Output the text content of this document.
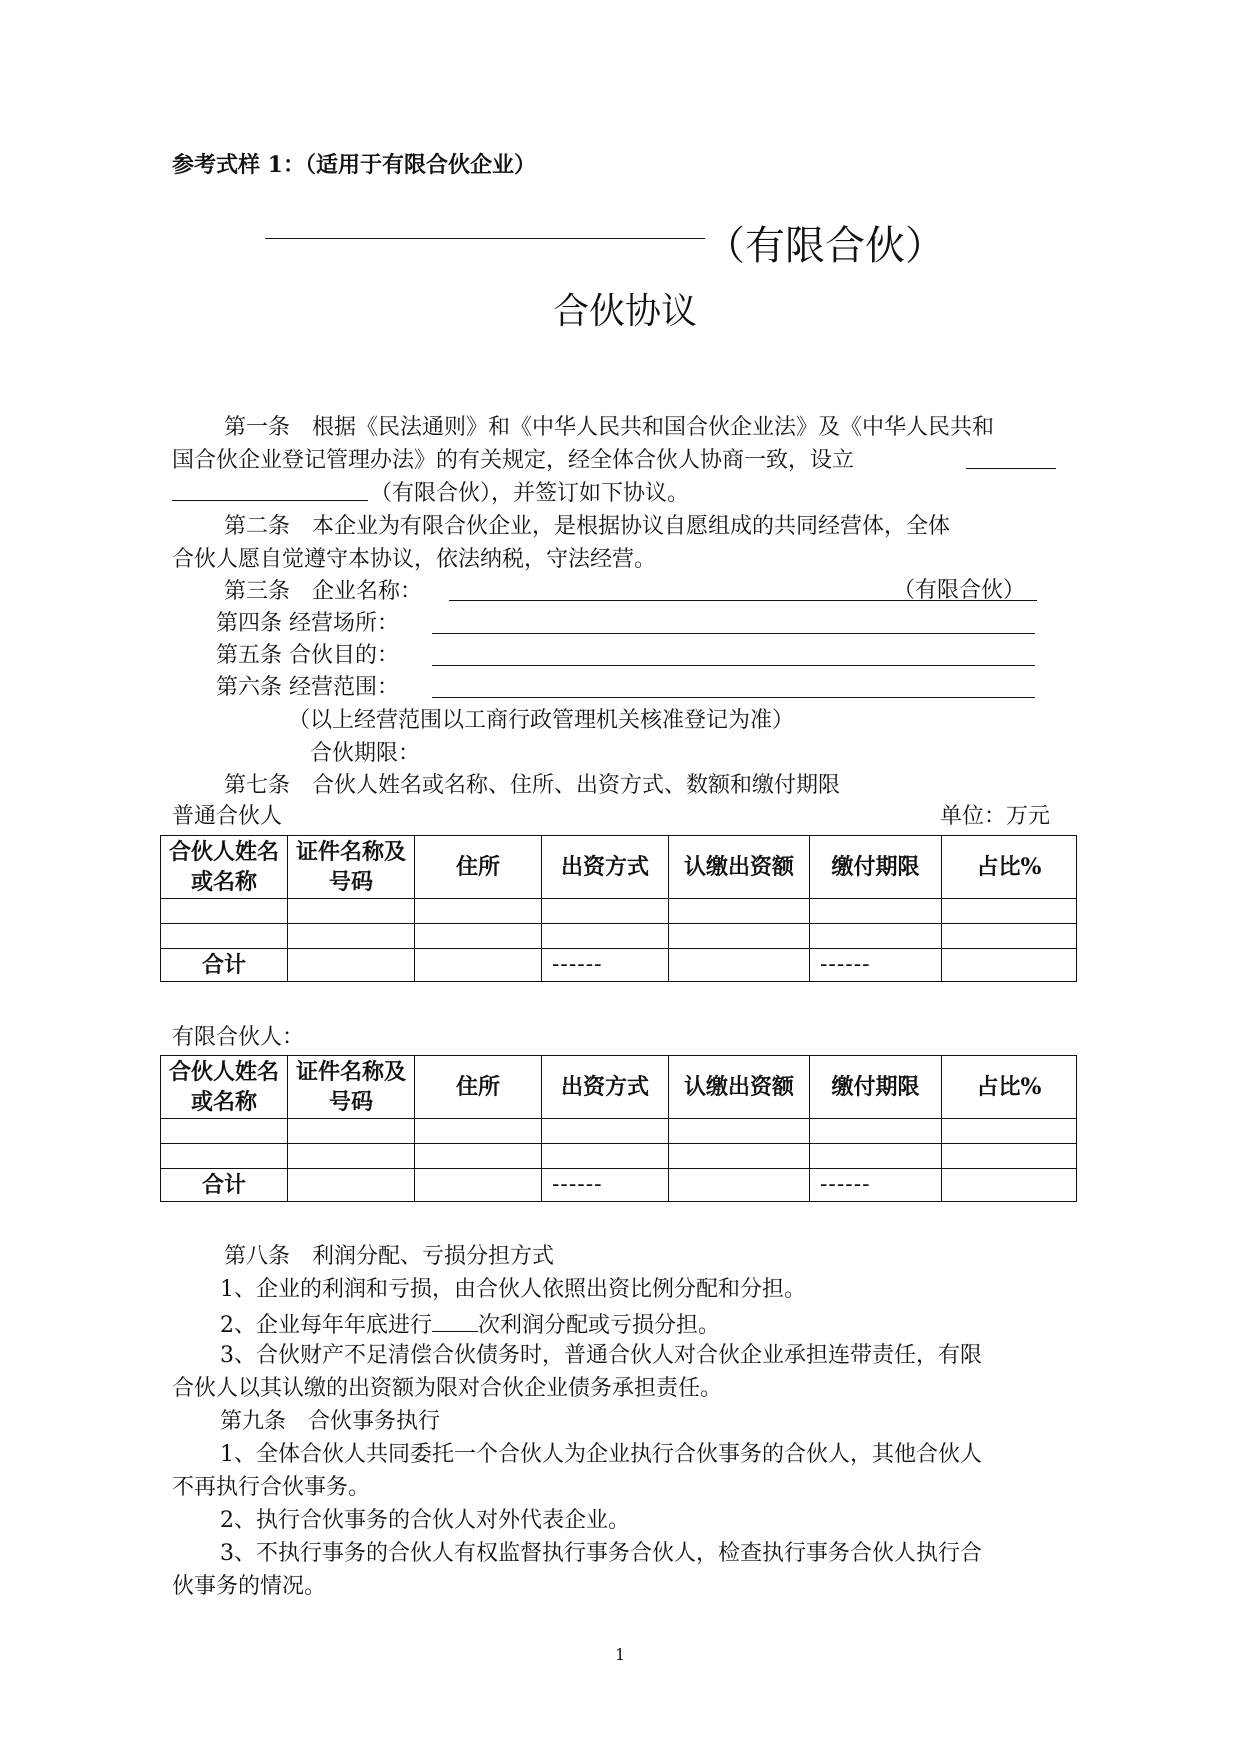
参考式样 1：（适用于有限合伙企业）
（有限合伙）
合伙协议
第一条　根据《民法通则》和《中华人民共和国合伙企业法》及《中华人民共和
国合伙企业登记管理办法》的有关规定，经全体合伙人协商一致，设立
（有限合伙），并签订如下协议。
第二条　本企业为有限合伙企业，是根据协议自愿组成的共同经营体，全体
合伙人愿自觉遵守本协议，依法纳税，守法经营。
第三条　企业名称：	（有限合伙）
第四条 经营场所：
第五条 合伙目的：
第六条 经营范围：
（以上经营范围以工商行政管理机关核准登记为准）
合伙期限：
第七条　合伙人姓名或名称、住所、出资方式、数额和缴付期限
普通合伙人	单位：万元
合伙人姓名或名称	证件名称及号码	住所	出资方式	认缴出资额	缴付期限	占比%

合计			------		------	
有限合伙人：
合伙人姓名或名称	证件名称及号码	住所	出资方式	认缴出资额	缴付期限	占比%

合计			------		------	
第八条　利润分配、亏损分担方式
1、企业的利润和亏损，由合伙人依照出资比例分配和分担。
2、企业每年年底进行 次利润分配或亏损分担。
3、合伙财产不足清偿合伙债务时，普通合伙人对合伙企业承担连带责任，有限
合伙人以其认缴的出资额为限对合伙企业债务承担责任。
第九条　合伙事务执行
1、全体合伙人共同委托一个合伙人为企业执行合伙事务的合伙人，其他合伙人
不再执行合伙事务。
2、执行合伙事务的合伙人对外代表企业。
3、不执行事务的合伙人有权监督执行事务合伙人，检查执行事务合伙人执行合
伙事务的情况。
1
